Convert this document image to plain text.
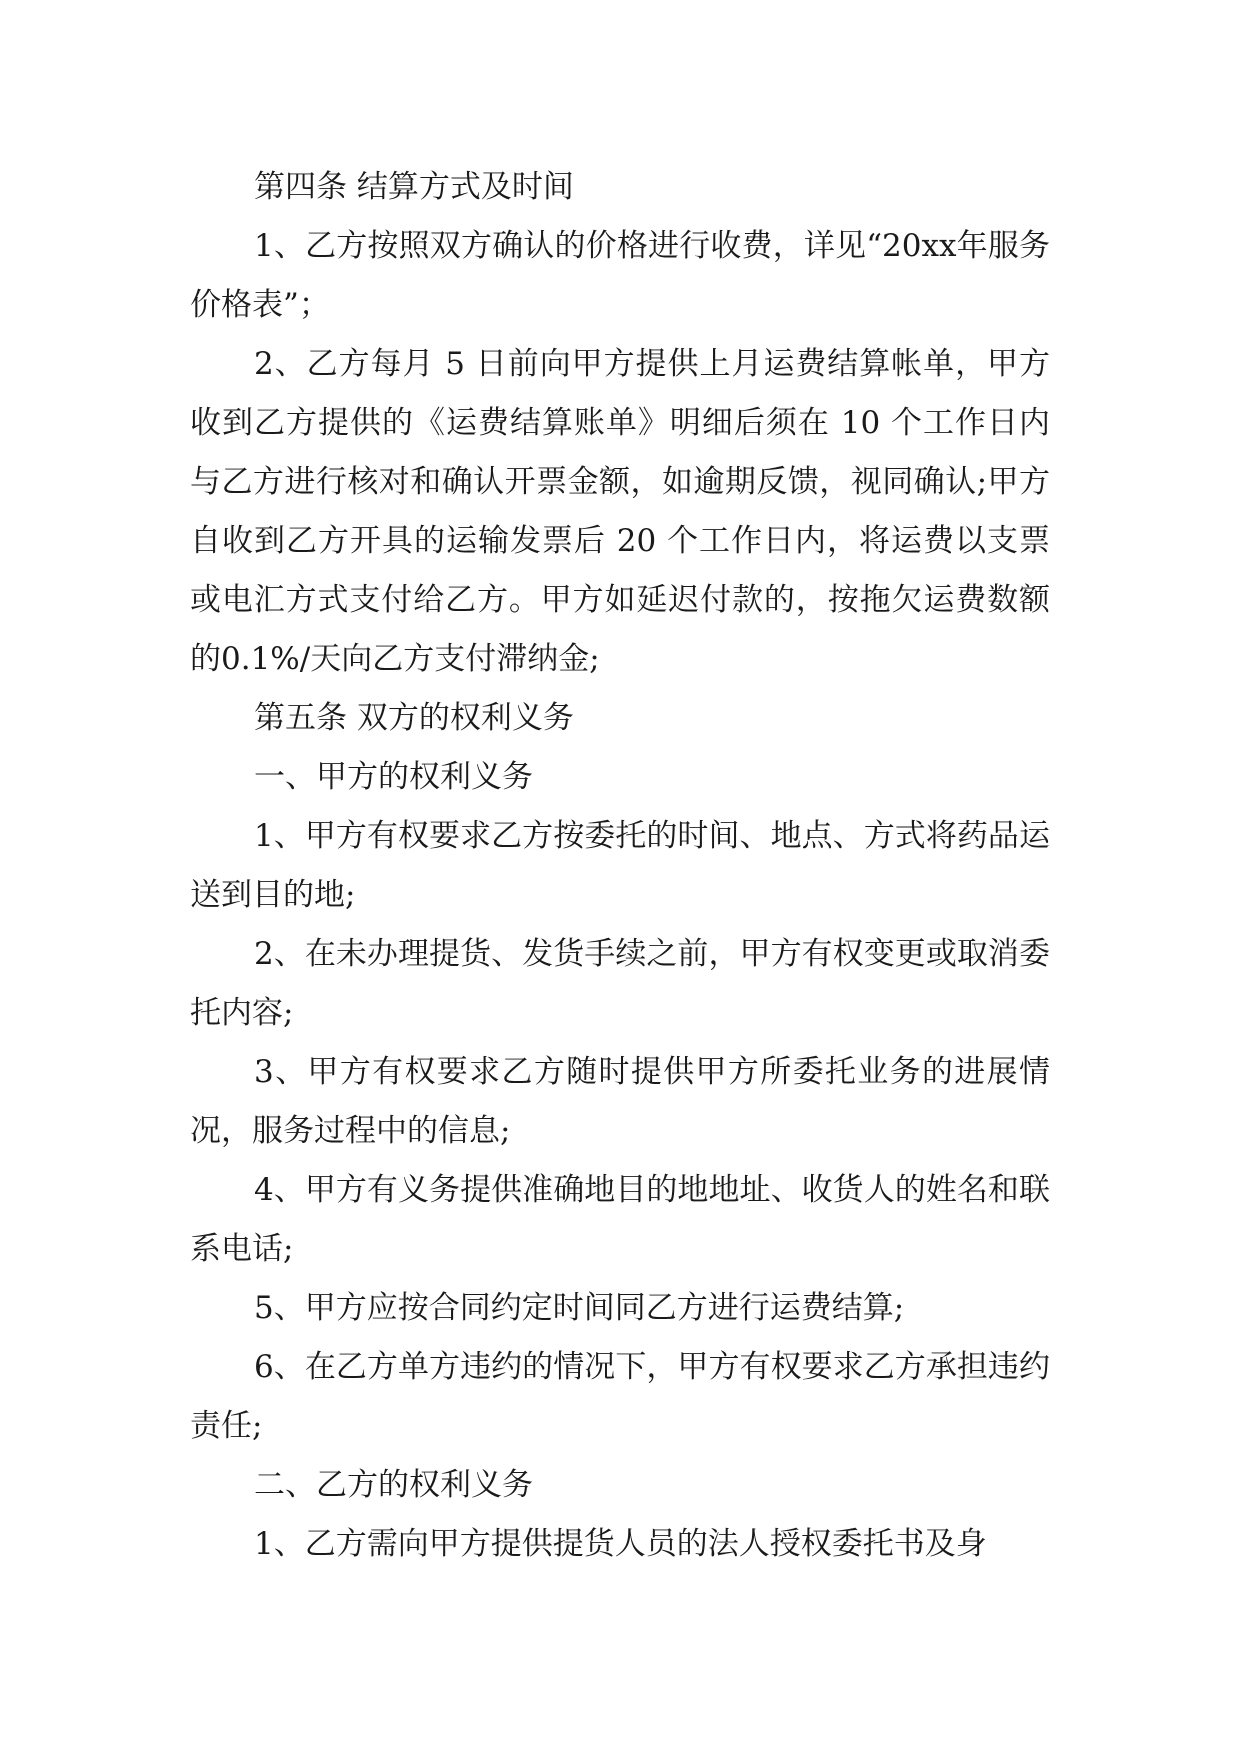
第四条 结算方式及时间

1、乙方按照双方确认的价格进行收费，详见“20xx年服务价格表”；

2、乙方每月 5 日前向甲方提供上月运费结算帐单，甲方收到乙方提供的《运费结算账单》明细后须在 10 个工作日内与乙方进行核对和确认开票金额，如逾期反馈，视同确认;甲方自收到乙方开具的运输发票后 20 个工作日内，将运费以支票或电汇方式支付给乙方。甲方如延迟付款的，按拖欠运费数额的0.1%/天向乙方支付滞纳金;

第五条 双方的权利义务

一、甲方的权利义务

1、甲方有权要求乙方按委托的时间、地点、方式将药品运送到目的地;

2、在未办理提货、发货手续之前，甲方有权变更或取消委托内容;

3、甲方有权要求乙方随时提供甲方所委托业务的进展情况，服务过程中的信息;

4、甲方有义务提供准确地目的地地址、收货人的姓名和联系电话;

5、甲方应按合同约定时间同乙方进行运费结算;

6、在乙方单方违约的情况下，甲方有权要求乙方承担违约责任;

二、乙方的权利义务

1、乙方需向甲方提供提货人员的法人授权委托书及身
